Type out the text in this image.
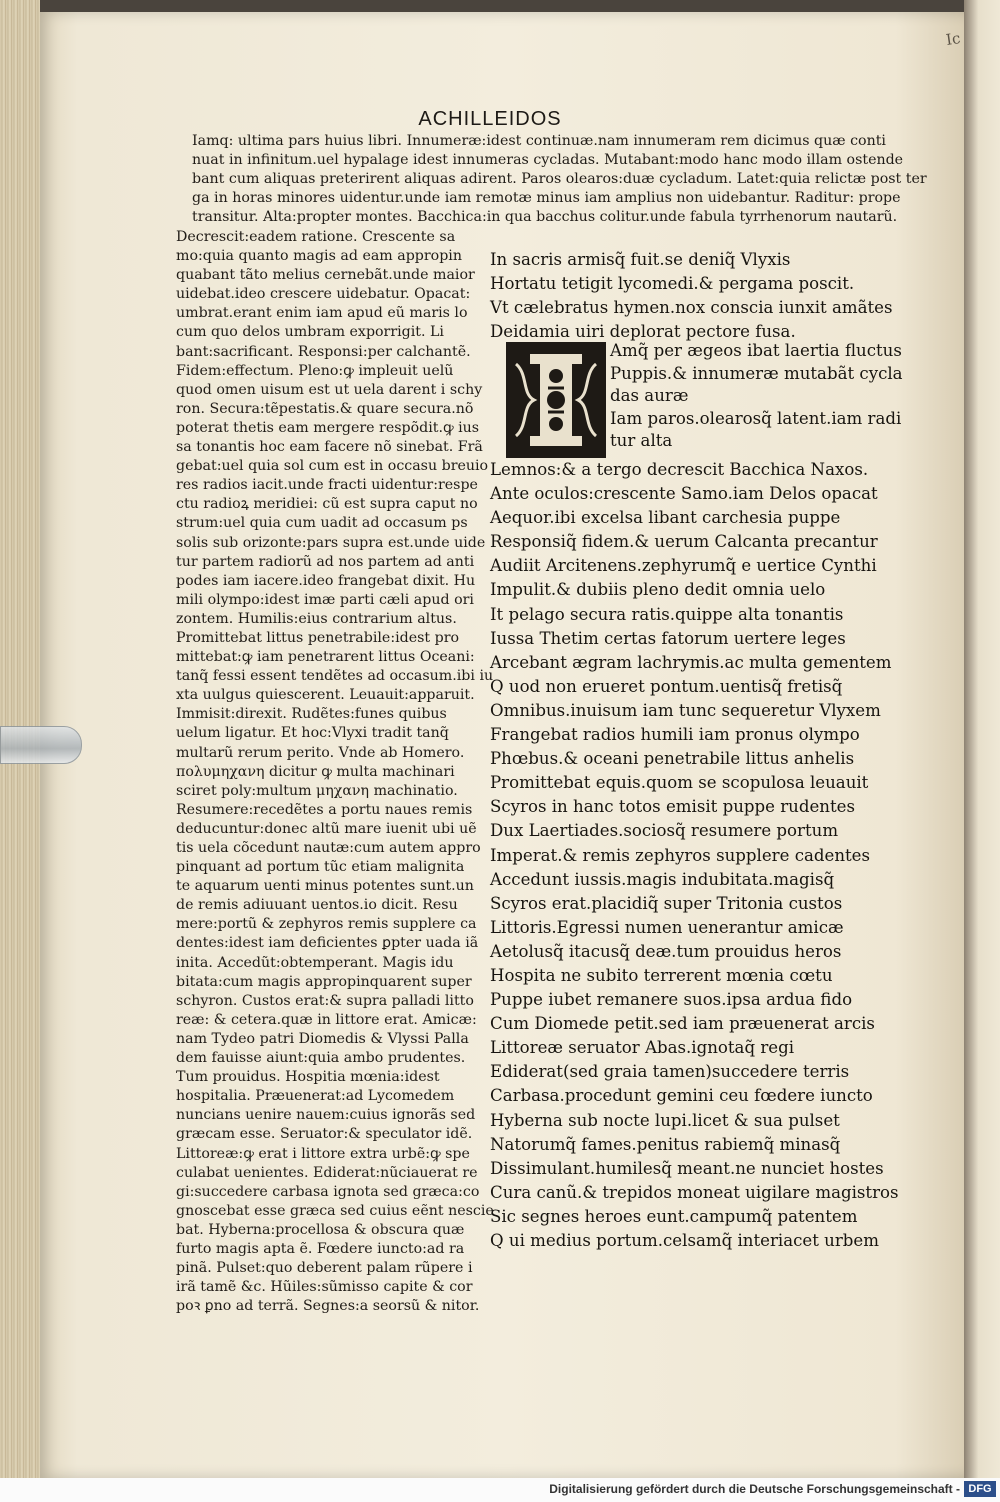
Ic
ACHILLEIDOS
Iamq: ultima pars huius libri. Innumeræ:idest continuæ.nam innumeram rem dicimus quæ conti
nuat in infinitum.uel hypalage idest innumeras cycladas. Mutabant:modo hanc modo illam ostende
bant cum aliquas preterirent aliquas adirent. Paros olearos:duæ cycladum. Latet:quia relictæ post ter
ga in horas minores uidentur.unde iam remotæ minus iam amplius non uidebantur. Raditur: prope
transitur. Alta:propter montes. Bacchica:in qua bacchus colitur.unde fabula tyrrhenorum nautarũ.
Decrescit:eadem ratione. Crescente sa
mo:quia quanto magis ad eam appropin
quabant tãto melius cernebãt.unde maior
uidebat.ideo crescere uidebatur. Opacat:
umbrat.erant enim iam apud eũ maris lo
cum quo delos umbram exporrigit. Li
bant:sacrificant. Responsi:per calchantẽ.
Fidem:effectum. Pleno:ꝙ impleuit uelũ
quod omen uisum est ut uela darent i schy
ron. Secura:tẽpestatis.& quare secura.nõ
poterat thetis eam mergere respõdit.ꝙ ius
sa tonantis hoc eam facere nõ sinebat. Frã
gebat:uel quia sol cum est in occasu breuio
res radios iacit.unde fracti uidentur:respe
ctu radioꝝ meridiei: cũ est supra caput no
strum:uel quia cum uadit ad occasum ps
solis sub orizonte:pars supra est.unde uide
tur partem radiorũ ad nos partem ad anti
podes iam iacere.ideo frangebat dixit. Hu
mili olympo:idest imæ parti cæli apud ori
zontem. Humilis:eius contrarium altus.
Promittebat littus penetrabile:idest pro
mittebat:ꝙ iam penetrarent littus Oceani:
tanq̃ fessi essent tendẽtes ad occasum.ibi iu
xta uulgus quiescerent. Leuauit:apparuit.
Immisit:direxit. Rudẽtes:funes quibus
uelum ligatur. Et hoc:Vlyxi tradit tanq̃
multarũ rerum perito. Vnde ab Homero.
πολυμηχανη dicitur ꝙ multa machinari
sciret poly:multum μηχανη machinatio.
Resumere:recedẽtes a portu naues remis
deducuntur:donec altũ mare iuenit ubi uẽ
tis uela cõcedunt nautæ:cum autem appro
pinquant ad portum tũc etiam malignita
te aquarum uenti minus potentes sunt.un
de remis adiuuant uentos.io dicit. Resu
mere:portũ & zephyros remis supplere ca
dentes:idest iam deficientes ꝑpter uada iã
inita. Accedũt:obtemperant. Magis idu
bitata:cum magis appropinquarent super
schyron. Custos erat:& supra palladi litto
reæ: & cetera.quæ in littore erat. Amicæ:
nam Tydeo patri Diomedis & Vlyssi Palla
dem fauisse aiunt:quia ambo prudentes.
Tum prouidus. Hospitia mœnia:idest
hospitalia. Præuenerat:ad Lycomedem
nuncians uenire nauem:cuius ignorãs sed
græcam esse. Seruator:& speculator idẽ.
Littoreæ:ꝙ erat i littore extra urbẽ:ꝙ spe
culabat uenientes. Ediderat:nũciauerat re
gi:succedere carbasa ignota sed græca:co
gnoscebat esse græca sed cuius eẽnt nescie
bat. Hyberna:procellosa & obscura quæ
furto magis apta ẽ. Fœdere iuncto:ad ra
pinã. Pulset:quo deberent palam rũpere i
irã tamẽ &c. Hũiles:sũmisso capite & cor
poꝛ ꝑno ad terrã. Segnes:a seorsũ & nitor.
In sacris armisq̃ fuit.se deniq̃ Vlyxis
Hortatu tetigit lycomedi.& pergama poscit.
Vt cælebratus hymen.nox conscia iunxit amãtes
Deidamia uiri deplorat pectore fusa.
Amq̃ per ægeos ibat laertia fluctus
Puppis.& innumeræ mutabãt cycla
das auræ
Iam paros.olearosq̃ latent.iam radi
tur alta
Lemnos:& a tergo decrescit Bacchica Naxos.
Ante oculos:crescente Samo.iam Delos opacat
Aequor.ibi excelsa libant carchesia puppe
Responsiq̃ fidem.& uerum Calcanta precantur
Audiit Arcitenens.zephyrumq̃ e uertice Cynthi
Impulit.& dubiis pleno dedit omnia uelo
It pelago secura ratis.quippe alta tonantis
Iussa Thetim certas fatorum uertere leges
Arcebant ægram lachrymis.ac multa gementem
Q uod non erueret pontum.uentisq̃ fretisq̃
Omnibus.inuisum iam tunc sequeretur Vlyxem
Frangebat radios humili iam pronus olympo
Phœbus.& oceani penetrabile littus anhelis
Promittebat equis.quom se scopulosa leuauit
Scyros in hanc totos emisit puppe rudentes
Dux Laertiades.sociosq̃ resumere portum
Imperat.& remis zephyros supplere cadentes
Accedunt iussis.magis indubitata.magisq̃
Scyros erat.placidiq̃ super Tritonia custos
Littoris.Egressi numen uenerantur amicæ
Aetolusq̃ itacusq̃ deæ.tum prouidus heros
Hospita ne subito terrerent mœnia cœtu
Puppe iubet remanere suos.ipsa ardua fido
Cum Diomede petit.sed iam præuenerat arcis
Littoreæ seruator Abas.ignotaq̃ regi
Ediderat(sed graia tamen)succedere terris
Carbasa.procedunt gemini ceu fœdere iuncto
Hyberna sub nocte lupi.licet & sua pulset
Natorumq̃ fames.penitus rabiemq̃ minasq̃
Dissimulant.humilesq̃ meant.ne nunciet hostes
Cura canũ.& trepidos moneat uigilare magistros
Sic segnes heroes eunt.campumq̃ patentem
Q ui medius portum.celsamq̃ interiacet urbem
Digitalisierung gefördert durch die Deutsche Forschungsgemeinschaft - DFG
